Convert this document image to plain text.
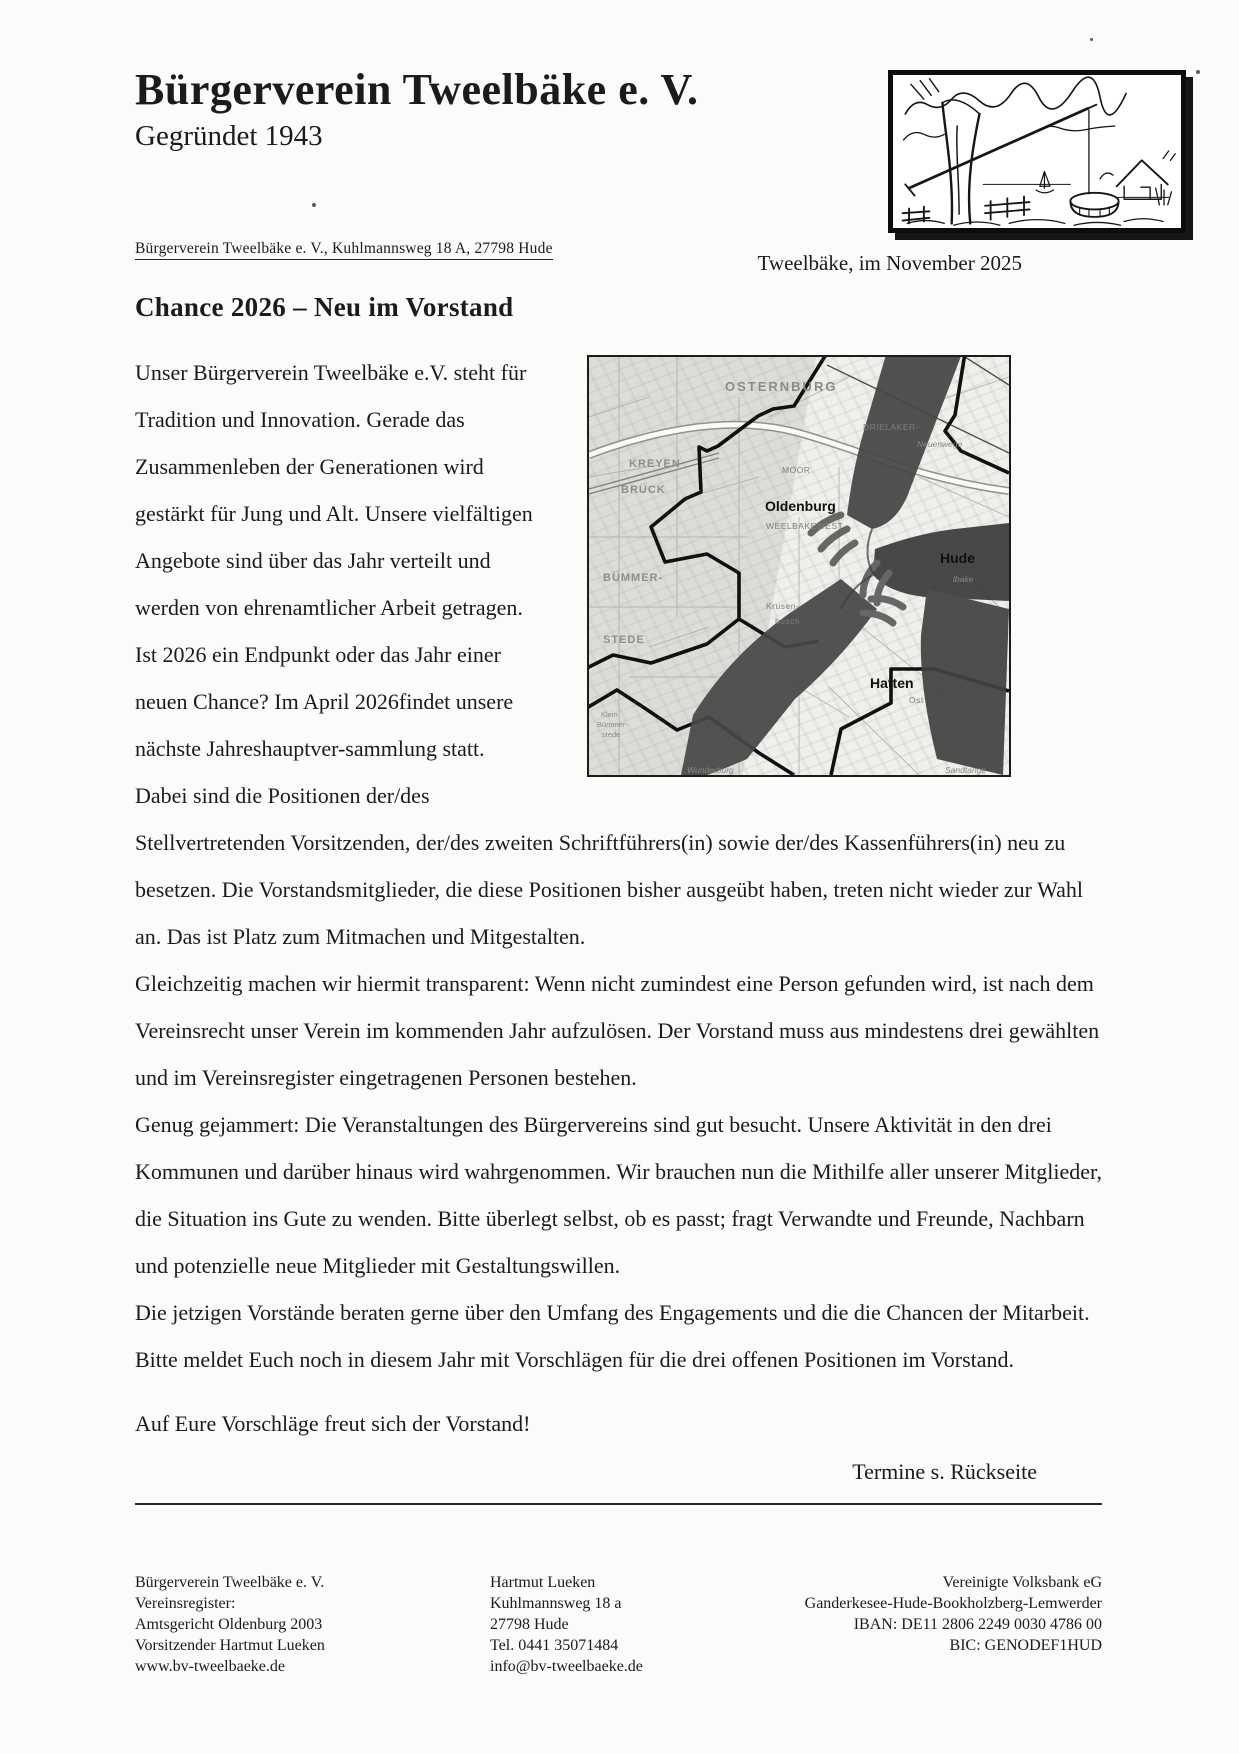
Bürgerverein Tweelbäke e. V.
Gegründet 1943
Bürgerverein Tweelbäke e. V., Kuhlmannsweg 18 A, 27798 Hude
Tweelbäke, im November 2025
Chance 2026 – Neu im Vorstand
OSTERNBURG
DRIELAKER-
Neuenwege
KREYEN
BRÜCK
MOOR
Oldenburg
WEELBAKEWEST
Hude
lbake
BÜMMER-
STEDE
Krusen-
busch
Hatten
Ost
Klein
Bümmer-
stede
Wunderburg	Sandtange

Unser Bürgerverein Tweelbäke e.V. steht für Tradition und Innovation. Gerade das Zusammenleben der Generationen wird gestärkt für Jung und Alt. Unsere vielfältigen Angebote sind über das Jahr verteilt und werden von ehrenamtlicher Arbeit getragen. Ist 2026 ein Endpunkt oder das Jahr einer neuen Chance? Im April 2026findet unsere nächste Jahreshauptver-sammlung statt.

Dabei sind die Positionen der/des Stellvertretenden Vorsitzenden, der/des zweiten Schriftführers(in) sowie der/des Kassenführers(in) neu zu besetzen. Die Vorstandsmitglieder, die diese Positionen bisher ausgeübt haben, treten nicht wieder zur Wahl an. Das ist Platz zum Mitmachen und Mitgestalten.

Gleichzeitig machen wir hiermit transparent: Wenn nicht zumindest eine Person gefunden wird, ist nach dem Vereinsrecht unser Verein im kommenden Jahr aufzulösen. Der Vorstand muss aus mindestens drei gewählten und im Vereinsregister eingetragenen Personen bestehen.

Genug gejammert: Die Veranstaltungen des Bürgervereins sind gut besucht. Unsere Aktivität in den drei Kommunen und darüber hinaus wird wahrgenommen. Wir brauchen nun die Mithilfe aller unserer Mitglieder, die Situation ins Gute zu wenden. Bitte überlegt selbst, ob es passt; fragt Verwandte und Freunde, Nachbarn und potenzielle neue Mitglieder mit Gestaltungswillen.

Die jetzigen Vorstände beraten gerne über den Umfang des Engagements und die die Chancen der Mitarbeit. Bitte meldet Euch noch in diesem Jahr mit Vorschlägen für die drei offenen Positionen im Vorstand.

Auf Eure Vorschläge freut sich der Vorstand!

Termine s. Rückseite
Bürgerverein Tweelbäke e. V.
Vereinsregister:
Amtsgericht Oldenburg 2003
Vorsitzender Hartmut Lueken
www.bv-tweelbaeke.de
Hartmut Lueken
Kuhlmannsweg 18 a
27798 Hude
Tel. 0441 35071484
info@bv-tweelbaeke.de
Vereinigte Volksbank eG
Ganderkesee-Hude-Bookholzberg-Lemwerder
IBAN: DE11 2806 2249 0030 4786 00
BIC: GENODEF1HUD
